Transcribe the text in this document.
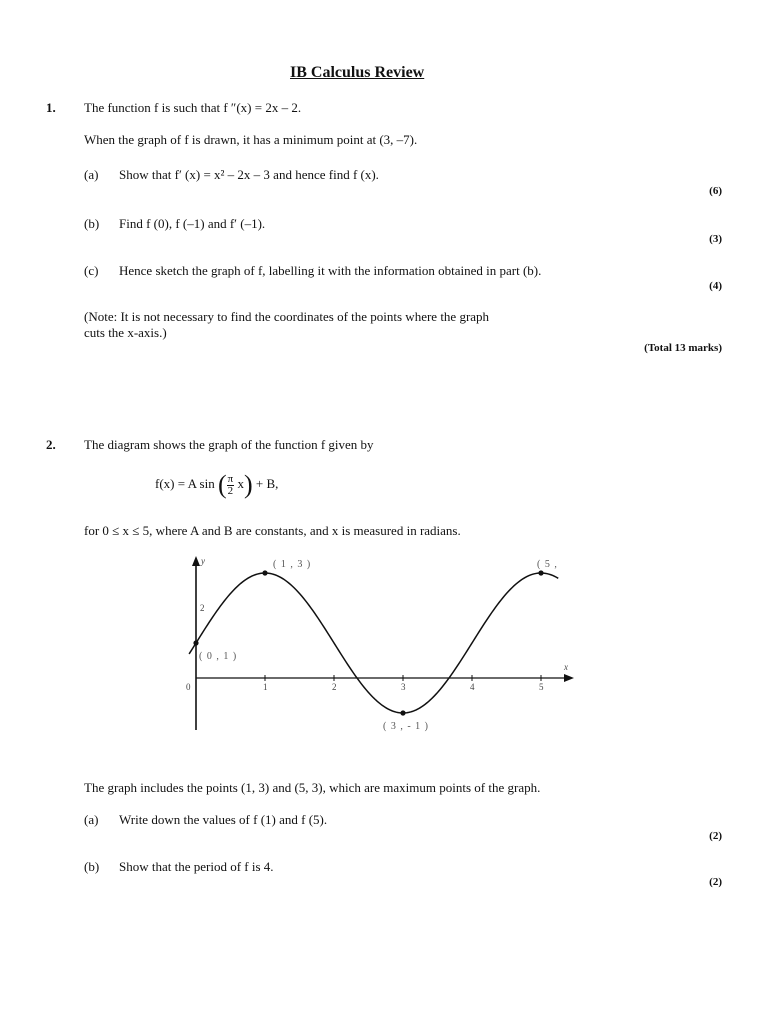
IB Calculus Review
1. The function f is such that f ″(x) = 2x – 2.
When the graph of f is drawn, it has a minimum point at (3, –7).
(a) Show that f′ (x) = x² – 2x – 3 and hence find f (x).
(6)
(b) Find f (0), f (–1) and f′ (–1).
(3)
(c) Hence sketch the graph of f, labelling it with the information obtained in part (b).
(4)
(Note: It is not necessary to find the coordinates of the points where the graph
cuts the x-axis.)
(Total 13 marks)
2. The diagram shows the graph of the function f given by
f(x) = A sin ( $\frac{\pi}{2} x) + B$,
for 0 ≤ x ≤ 5, where A and B are constants, and x is measured in radians.
x
y
0	1	2	3	4	5
2
( 0 , 1 )
( 1 , 3 )
( 3 , - 1 )
( 5 ,
The graph includes the points (1, 3) and (5, 3), which are maximum points of the graph.
(a) Write down the values of f (1) and f (5).
(2)
(b) Show that the period of f is 4.
(2)
